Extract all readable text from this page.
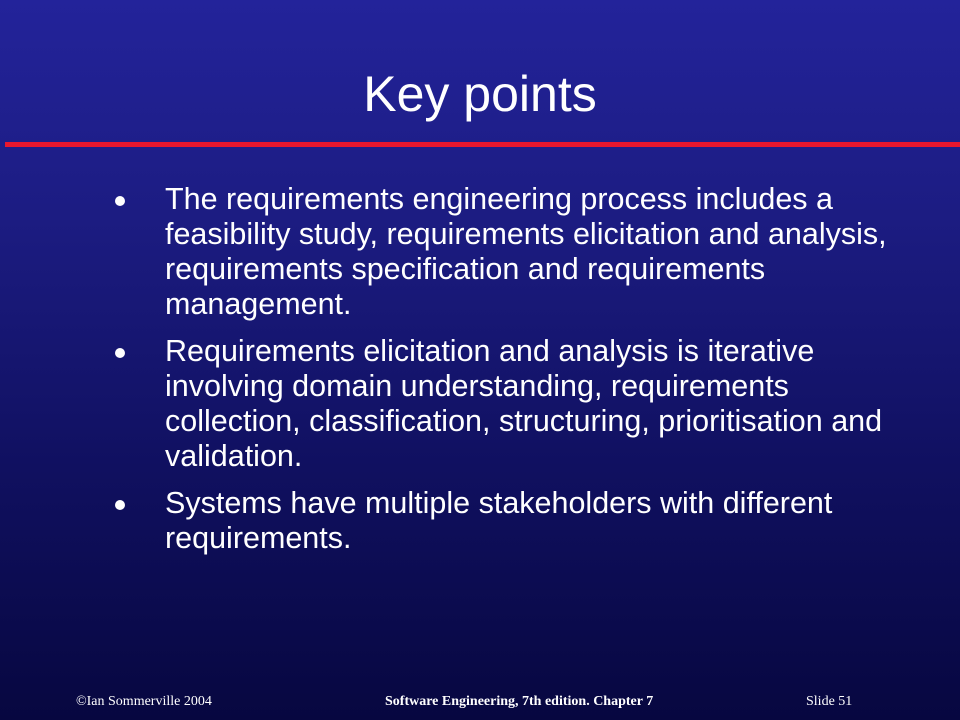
Key points
The requirements engineering process includes a feasibility study, requirements elicitation and analysis, requirements specification and requirements management.
Requirements elicitation and analysis is iterative involving domain understanding, requirements collection, classification, structuring, prioritisation and validation.
Systems have multiple stakeholders with different requirements.
©Ian Sommerville 2004	Software Engineering, 7th edition. Chapter 7	Slide 51
